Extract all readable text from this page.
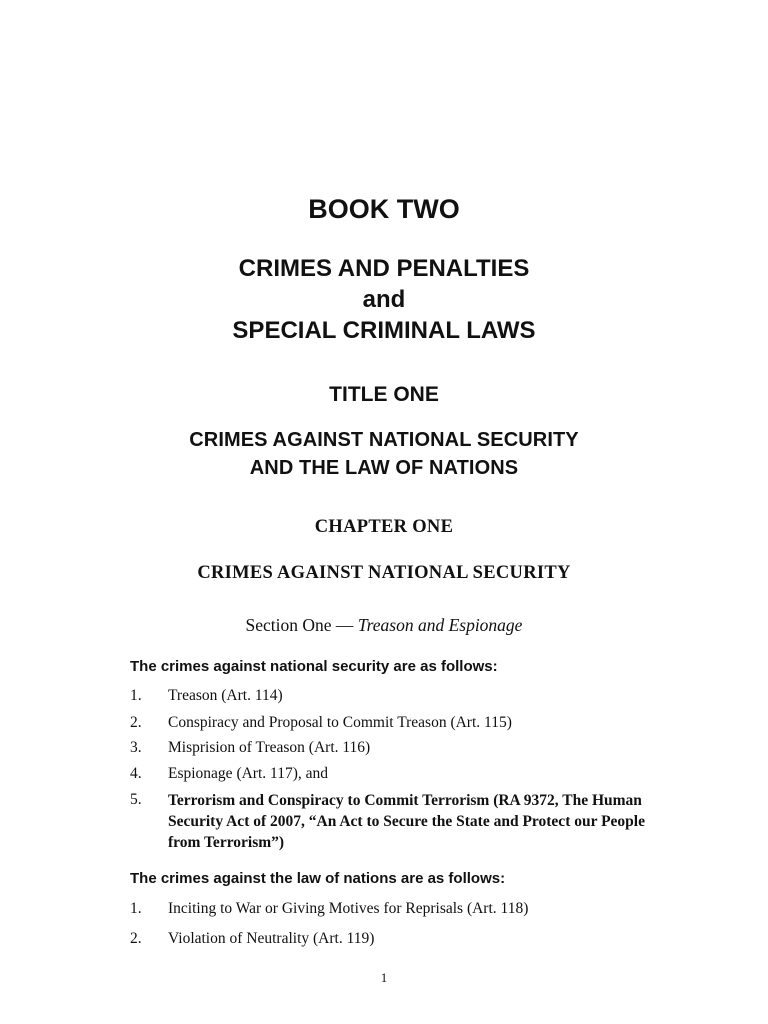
BOOK TWO
CRIMES AND PENALTIES
and
SPECIAL CRIMINAL LAWS
TITLE ONE
CRIMES AGAINST NATIONAL SECURITY
AND THE LAW OF NATIONS
CHAPTER ONE
CRIMES AGAINST NATIONAL SECURITY
Section One — Treason and Espionage

The crimes against national security are as follows:

1. Treason (Art. 114)
2. Conspiracy and Proposal to Commit Treason (Art. 115)
3. Misprision of Treason (Art. 116)
4. Espionage (Art. 117), and
5. Terrorism and Conspiracy to Commit Terrorism (RA 9372, The Human Security Act of 2007, “An Act to Secure the State and Protect our People from Terrorism”)

The crimes against the law of nations are as follows:

1. Inciting to War or Giving Motives for Reprisals (Art. 118)
2. Violation of Neutrality (Art. 119)
1
